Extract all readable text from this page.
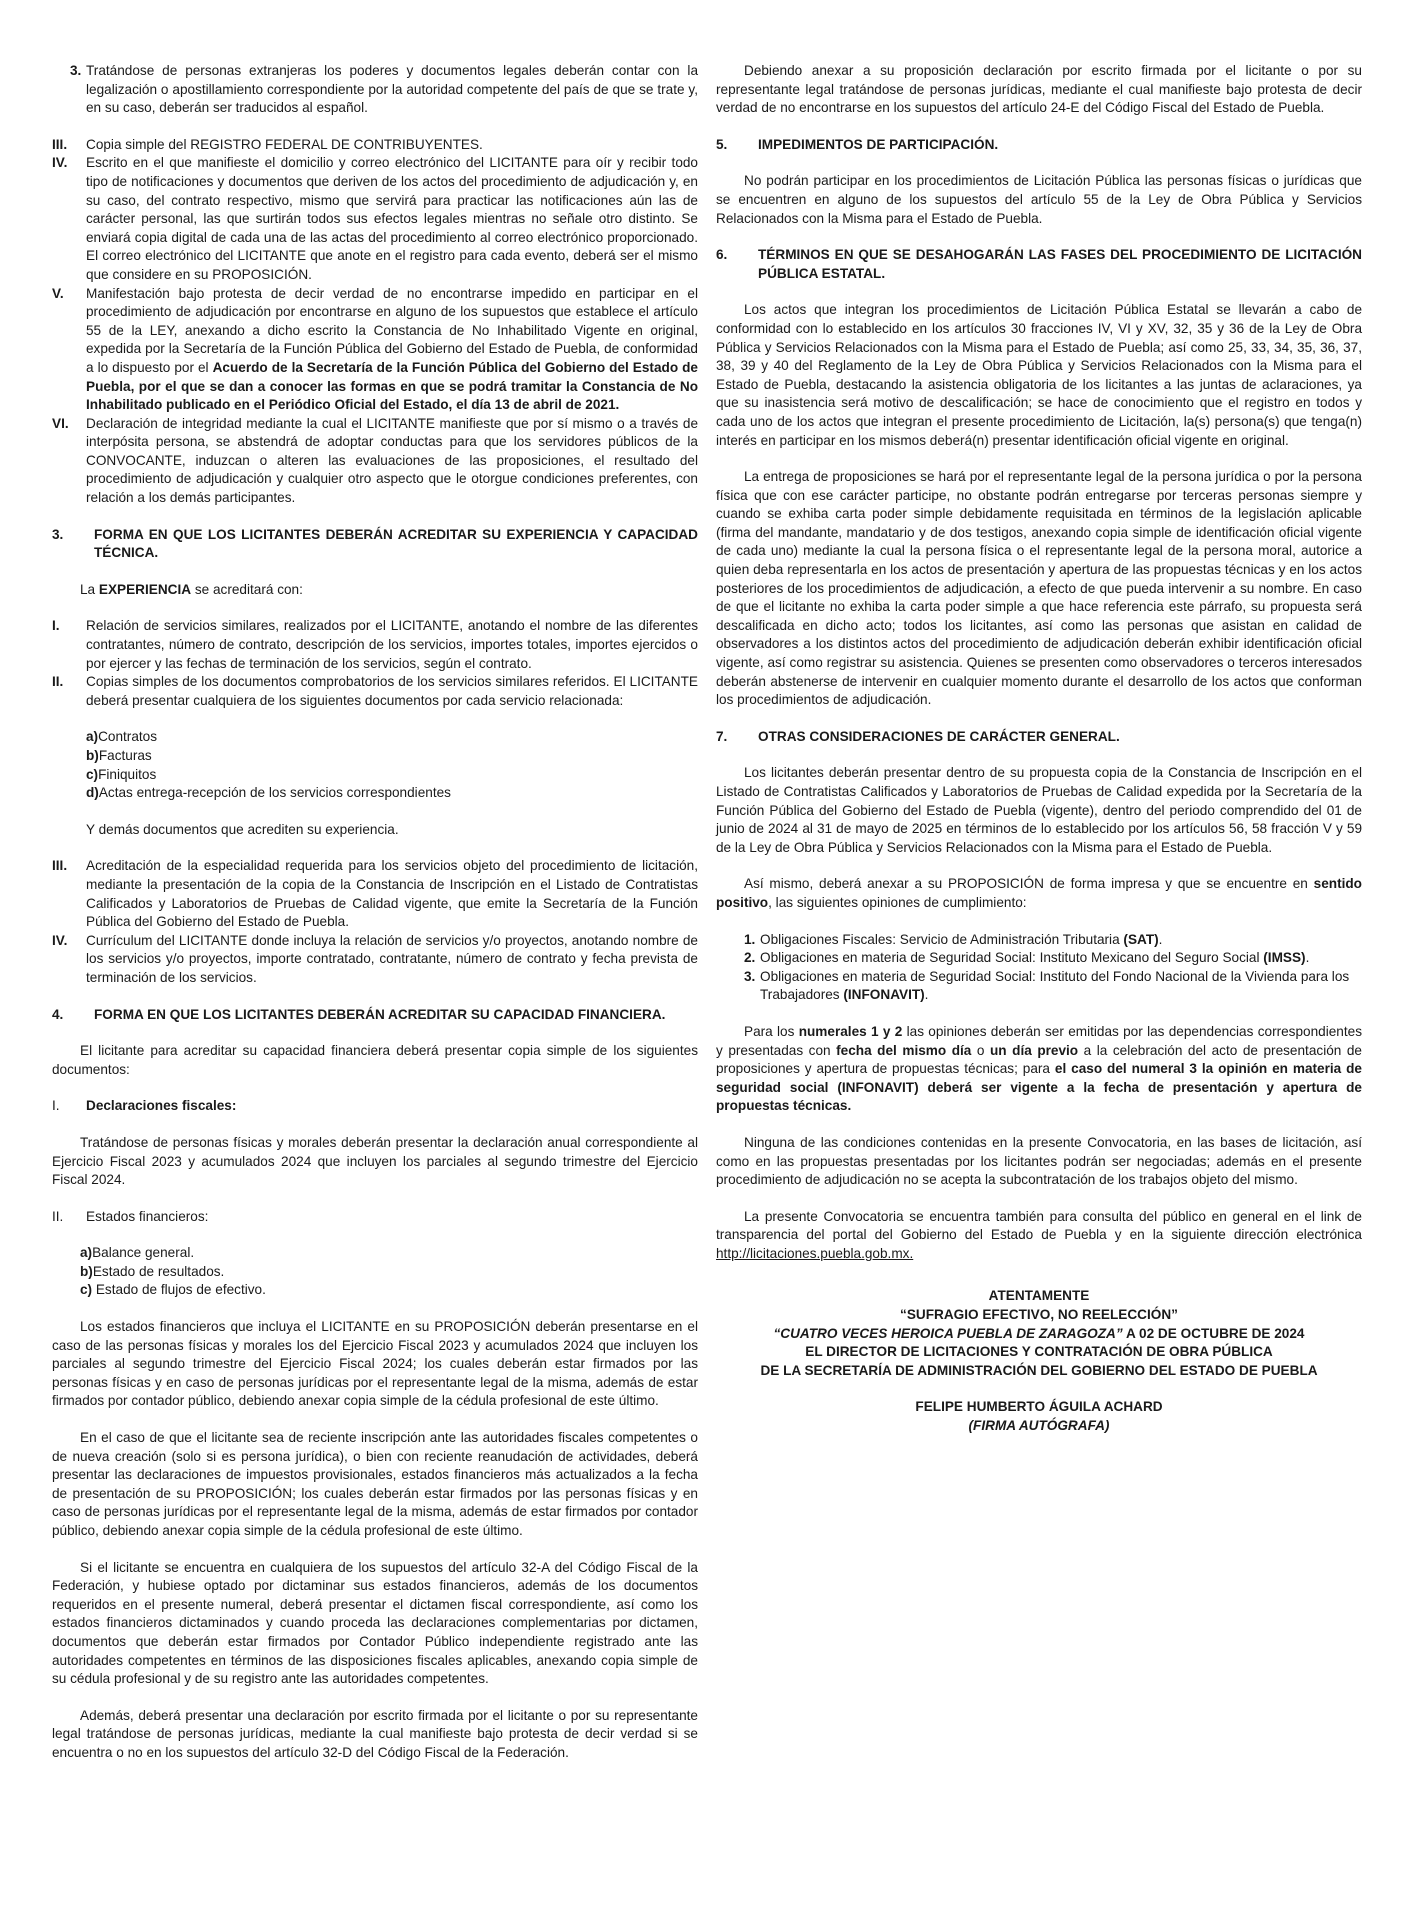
3. Tratándose de personas extranjeras los poderes y documentos legales deberán contar con la legalización o apostillamiento correspondiente por la autoridad competente del país de que se trate y, en su caso, deberán ser traducidos al español.
III.	Copia simple del REGISTRO FEDERAL DE CONTRIBUYENTES.
IV.	Escrito en el que manifieste el domicilio y correo electrónico del LICITANTE para oír y recibir todo tipo de notificaciones y documentos que deriven de los actos del procedimiento de adjudicación y, en su caso, del contrato respectivo, mismo que servirá para practicar las notificaciones aún las de carácter personal, las que surtirán todos sus efectos legales mientras no señale otro distinto. Se enviará copia digital de cada una de las actas del procedimiento al correo electrónico proporcionado. El correo electrónico del LICITANTE que anote en el registro para cada evento, deberá ser el mismo que considere en su PROPOSICIÓN.
V.	Manifestación bajo protesta de decir verdad de no encontrarse impedido en participar en el procedimiento de adjudicación por encontrarse en alguno de los supuestos que establece el artículo 55 de la LEY, anexando a dicho escrito la Constancia de No Inhabilitado Vigente en original, expedida por la Secretaría de la Función Pública del Gobierno del Estado de Puebla, de conformidad a lo dispuesto por el Acuerdo de la Secretaría de la Función Pública del Gobierno del Estado de Puebla, por el que se dan a conocer las formas en que se podrá tramitar la Constancia de No Inhabilitado publicado en el Periódico Oficial del Estado, el día 13 de abril de 2021.
VI.	Declaración de integridad mediante la cual el LICITANTE manifieste que por sí mismo o a través de interpósita persona, se abstendrá de adoptar conductas para que los servidores públicos de la CONVOCANTE, induzcan o alteren las evaluaciones de las proposiciones, el resultado del procedimiento de adjudicación y cualquier otro aspecto que le otorgue condiciones preferentes, con relación a los demás participantes.
3.	FORMA EN QUE LOS LICITANTES DEBERÁN ACREDITAR SU EXPERIENCIA Y CAPACIDAD TÉCNICA.

La EXPERIENCIA se acreditará con:

I.	Relación de servicios similares, realizados por el LICITANTE, anotando el nombre de las diferentes contratantes, número de contrato, descripción de los servicios, importes totales, importes ejercidos o por ejercer y las fechas de terminación de los servicios, según el contrato.
II.	Copias simples de los documentos comprobatorios de los servicios similares referidos. El LICITANTE deberá presentar cualquiera de los siguientes documentos por cada servicio relacionada:
a)Contratos
b)Facturas
c)Finiquitos
d)Actas entrega-recepción de los servicios correspondientes

Y demás documentos que acrediten su experiencia.

III.	Acreditación de la especialidad requerida para los servicios objeto del procedimiento de licitación, mediante la presentación de la copia de la Constancia de Inscripción en el Listado de Contratistas Calificados y Laboratorios de Pruebas de Calidad vigente, que emite la Secretaría de la Función Pública del Gobierno del Estado de Puebla.
IV.	Currículum del LICITANTE donde incluya la relación de servicios y/o proyectos, anotando nombre de los servicios y/o proyectos, importe contratado, contratante, número de contrato y fecha prevista de terminación de los servicios.
4.	FORMA EN QUE LOS LICITANTES DEBERÁN ACREDITAR SU CAPACIDAD FINANCIERA.

El licitante para acreditar su capacidad financiera deberá presentar copia simple de los siguientes documentos:

I.	Declaraciones fiscales:

Tratándose de personas físicas y morales deberán presentar la declaración anual correspondiente al Ejercicio Fiscal 2023 y acumulados 2024 que incluyen los parciales al segundo trimestre del Ejercicio Fiscal 2024.

II.	Estados financieros:
a)Balance general.
b)Estado de resultados.
c) Estado de flujos de efectivo.

Los estados financieros que incluya el LICITANTE en su PROPOSICIÓN deberán presentarse en el caso de las personas físicas y morales los del Ejercicio Fiscal 2023 y acumulados 2024 que incluyen los parciales al segundo trimestre del Ejercicio Fiscal 2024; los cuales deberán estar firmados por las personas físicas y en caso de personas jurídicas por el representante legal de la misma, además de estar firmados por contador público, debiendo anexar copia simple de la cédula profesional de este último.

En el caso de que el licitante sea de reciente inscripción ante las autoridades fiscales competentes o de nueva creación (solo si es persona jurídica), o bien con reciente reanudación de actividades, deberá presentar las declaraciones de impuestos provisionales, estados financieros más actualizados a la fecha de presentación de su PROPOSICIÓN; los cuales deberán estar firmados por las personas físicas y en caso de personas jurídicas por el representante legal de la misma, además de estar firmados por contador público, debiendo anexar copia simple de la cédula profesional de este último.

Si el licitante se encuentra en cualquiera de los supuestos del artículo 32-A del Código Fiscal de la Federación, y hubiese optado por dictaminar sus estados financieros, además de los documentos requeridos en el presente numeral, deberá presentar el dictamen fiscal correspondiente, así como los estados financieros dictaminados y cuando proceda las declaraciones complementarias por dictamen, documentos que deberán estar firmados por Contador Público independiente registrado ante las autoridades competentes en términos de las disposiciones fiscales aplicables, anexando copia simple de su cédula profesional y de su registro ante las autoridades competentes.

Además, deberá presentar una declaración por escrito firmada por el licitante o por su representante legal tratándose de personas jurídicas, mediante la cual manifieste bajo protesta de decir verdad si se encuentra o no en los supuestos del artículo 32-D del Código Fiscal de la Federación.

Debiendo anexar a su proposición declaración por escrito firmada por el licitante o por su representante legal tratándose de personas jurídicas, mediante el cual manifieste bajo protesta de decir verdad de no encontrarse en los supuestos del artículo 24-E del Código Fiscal del Estado de Puebla.

5.	IMPEDIMENTOS DE PARTICIPACIÓN.

No podrán participar en los procedimientos de Licitación Pública las personas físicas o jurídicas que se encuentren en alguno de los supuestos del artículo 55 de la Ley de Obra Pública y Servicios Relacionados con la Misma para el Estado de Puebla.

6.	TÉRMINOS EN QUE SE DESAHOGARÁN LAS FASES DEL PROCEDIMIENTO DE LICITACIÓN PÚBLICA ESTATAL.

Los actos que integran los procedimientos de Licitación Pública Estatal se llevarán a cabo de conformidad con lo establecido en los artículos 30 fracciones IV, VI y XV, 32, 35 y 36 de la Ley de Obra Pública y Servicios Relacionados con la Misma para el Estado de Puebla; así como 25, 33, 34, 35, 36, 37, 38, 39 y 40 del Reglamento de la Ley de Obra Pública y Servicios Relacionados con la Misma para el Estado de Puebla, destacando la asistencia obligatoria de los licitantes a las juntas de aclaraciones, ya que su inasistencia será motivo de descalificación; se hace de conocimiento que el registro en todos y cada uno de los actos que integran el presente procedimiento de Licitación, la(s) persona(s) que tenga(n) interés en participar en los mismos deberá(n) presentar identificación oficial vigente en original.

La entrega de proposiciones se hará por el representante legal de la persona jurídica o por la persona física que con ese carácter participe, no obstante podrán entregarse por terceras personas siempre y cuando se exhiba carta poder simple debidamente requisitada en términos de la legislación aplicable (firma del mandante, mandatario y de dos testigos, anexando copia simple de identificación oficial vigente de cada uno) mediante la cual la persona física o el representante legal de la persona moral, autorice a quien deba representarla en los actos de presentación y apertura de las propuestas técnicas y en los actos posteriores de los procedimientos de adjudicación, a efecto de que pueda intervenir a su nombre. En caso de que el licitante no exhiba la carta poder simple a que hace referencia este párrafo, su propuesta será descalificada en dicho acto; todos los licitantes, así como las personas que asistan en calidad de observadores a los distintos actos del procedimiento de adjudicación deberán exhibir identificación oficial vigente, así como registrar su asistencia. Quienes se presenten como observadores o terceros interesados deberán abstenerse de intervenir en cualquier momento durante el desarrollo de los actos que conforman los procedimientos de adjudicación.

7.	OTRAS CONSIDERACIONES DE CARÁCTER GENERAL.

Los licitantes deberán presentar dentro de su propuesta copia de la Constancia de Inscripción en el Listado de Contratistas Calificados y Laboratorios de Pruebas de Calidad expedida por la Secretaría de la Función Pública del Gobierno del Estado de Puebla (vigente), dentro del periodo comprendido del 01 de junio de 2024 al 31 de mayo de 2025 en términos de lo establecido por los artículos 56, 58 fracción V y 59 de la Ley de Obra Pública y Servicios Relacionados con la Misma para el Estado de Puebla.

Así mismo, deberá anexar a su PROPOSICIÓN de forma impresa y que se encuentre en sentido positivo, las siguientes opiniones de cumplimiento:

1. Obligaciones Fiscales: Servicio de Administración Tributaria (SAT).
2. Obligaciones en materia de Seguridad Social: Instituto Mexicano del Seguro Social (IMSS).
3. Obligaciones en materia de Seguridad Social: Instituto del Fondo Nacional de la Vivienda para los Trabajadores (INFONAVIT).

Para los numerales 1 y 2 las opiniones deberán ser emitidas por las dependencias correspondientes y presentadas con fecha del mismo día o un día previo a la celebración del acto de presentación de proposiciones y apertura de propuestas técnicas; para el caso del numeral 3 la opinión en materia de seguridad social (INFONAVIT) deberá ser vigente a la fecha de presentación y apertura de propuestas técnicas.

Ninguna de las condiciones contenidas en la presente Convocatoria, en las bases de licitación, así como en las propuestas presentadas por los licitantes podrán ser negociadas; además en el presente procedimiento de adjudicación no se acepta la subcontratación de los trabajos objeto del mismo.

La presente Convocatoria se encuentra también para consulta del público en general en el link de transparencia del portal del Gobierno del Estado de Puebla y en la siguiente dirección electrónica http://licitaciones.puebla.gob.mx.

ATENTAMENTE

“SUFRAGIO EFECTIVO, NO REELECCIÓN”

“CUATRO VECES HEROICA PUEBLA DE ZARAGOZA” A 02 DE OCTUBRE DE 2024

EL DIRECTOR DE LICITACIONES Y CONTRATACIÓN DE OBRA PÚBLICA

DE LA SECRETARÍA DE ADMINISTRACIÓN DEL GOBIERNO DEL ESTADO DE PUEBLA

FELIPE HUMBERTO ÁGUILA ACHARD

(FIRMA AUTÓGRAFA)
